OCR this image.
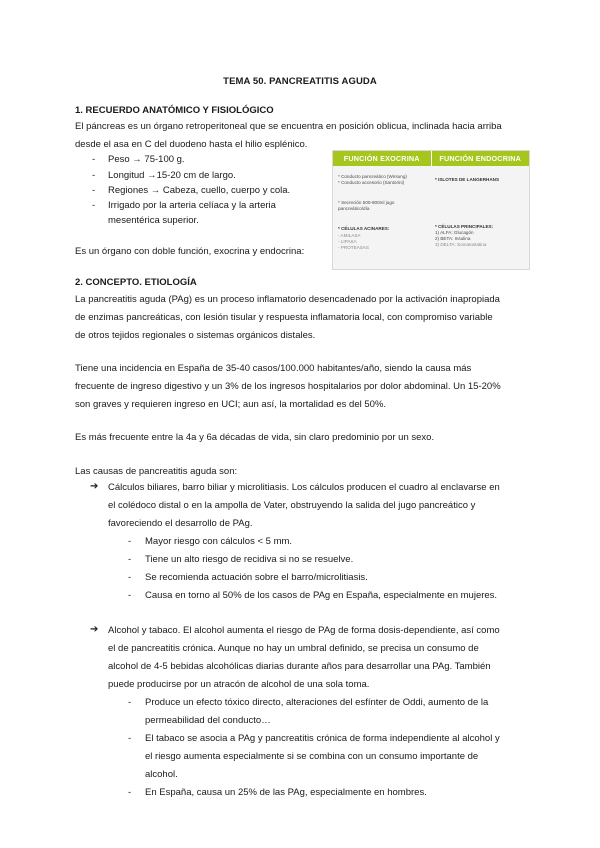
TEMA 50. PANCREATITIS AGUDA
1. RECUERDO ANATÓMICO Y FISIOLÓGICO
El páncreas es un órgano retroperitoneal que se encuentra en posición oblicua, inclinada hacia arriba
desde el asa en C del duodeno hasta el hilio esplénico.
- Peso → 75-100 g.
- Longitud →15-20 cm de largo.
- Regiones → Cabeza, cuello, cuerpo y cola.
- Irrigado por la arteria celíaca y la arteria
mesentérica superior.
Es un órgano con doble función, exocrina y endocrina:
FUNCIÓN EXOCRINA	FUNCIÓN ENDOCRINA
* Conducto pancreático (Wirsung)
* Conducto accesorio (Santorini)
* Secreción 500-800ml jugo
pancreático/día
* CÉLULAS ACINARES:
- AMILASA
- LIPASA
- PROTEASAS
* ISLOTES DE LANGERHANS
* CÉLULAS PRINCIPALES:
1) ALFA: Glucagón
2) BETA: Insulina
3) DELTA: Somatostatina
2. CONCEPTO. ETIOLOGÍA
La pancreatitis aguda (PAg) es un proceso inflamatorio desencadenado por la activación inapropiada
de enzimas pancreáticas, con lesión tisular y respuesta inflamatoria local, con compromiso variable
de otros tejidos regionales o sistemas orgánicos distales.
Tiene una incidencia en España de 35-40 casos/100.000 habitantes/año, siendo la causa más
frecuente de ingreso digestivo y un 3% de los ingresos hospitalarios por dolor abdominal. Un 15-20%
son graves y requieren ingreso en UCI; aun así, la mortalidad es del 50%.
Es más frecuente entre la 4a y 6a décadas de vida, sin claro predominio por un sexo.
Las causas de pancreatitis aguda son:
➔ Cálculos biliares, barro biliar y microlitiasis. Los cálculos producen el cuadro al enclavarse en
el colédoco distal o en la ampolla de Vater, obstruyendo la salida del jugo pancreático y
favoreciendo el desarrollo de PAg.
- Mayor riesgo con cálculos < 5 mm.
- Tiene un alto riesgo de recidiva si no se resuelve.
- Se recomienda actuación sobre el barro/microlitiasis.
- Causa en torno al 50% de los casos de PAg en España, especialmente en mujeres.
➔ Alcohol y tabaco. El alcohol aumenta el riesgo de PAg de forma dosis-dependiente, así como
el de pancreatitis crónica. Aunque no hay un umbral definido, se precisa un consumo de
alcohol de 4-5 bebidas alcohólicas diarias durante años para desarrollar una PAg. También
puede producirse por un atracón de alcohol de una sola toma.
- Produce un efecto tóxico directo, alteraciones del esfínter de Oddi, aumento de la
permeabilidad del conducto…
- El tabaco se asocia a PAg y pancreatitis crónica de forma independiente al alcohol y
el riesgo aumenta especialmente si se combina con un consumo importante de
alcohol.
- En España, causa un 25% de las PAg, especialmente en hombres.
